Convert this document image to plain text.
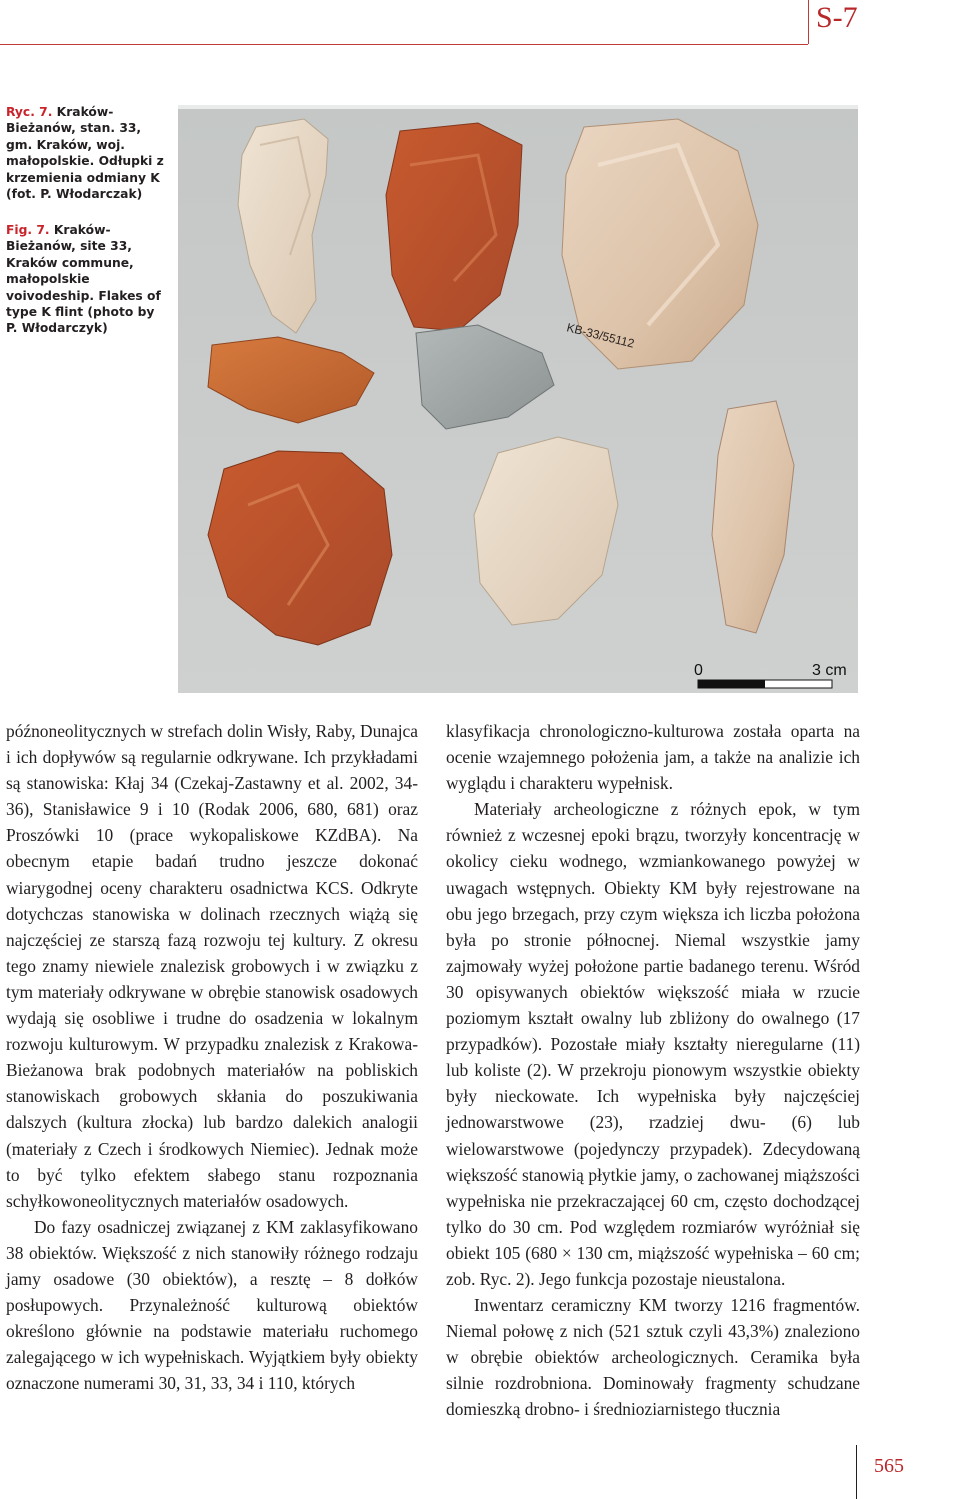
S-7
Ryc. 7. Kraków-Bieżanów, stan. 33, gm. Kraków, woj. małopolskie. Odłupki z krzemienia odmiany K (fot. P. Włodarczak)
Fig. 7. Kraków-Bieżanów, site 33, Kraków commune, małopolskie voivodeship. Flakes of type K flint (photo by P. Włodarczyk)	KB-33/55112
0	3 cm

późnoneolitycznych w strefach dolin Wisły, Raby, Dunajca i ich dopływów są regularnie odkrywane. Ich przykładami są stanowiska: Kłaj 34 (Czekaj-Zastawny et al. 2002, 34-36), Stanisławice 9 i 10 (Rodak 2006, 680, 681) oraz Proszówki 10 (prace wykopaliskowe KZdBA). Na obecnym etapie badań trudno jeszcze dokonać wiarygodnej oceny charakteru osadnictwa KCS. Odkryte dotychczas stanowiska w dolinach rzecznych wiążą się najczęściej ze starszą fazą rozwoju tej kultury. Z okresu tego znamy niewiele znalezisk grobowych i w związku z tym materiały odkrywane w obrębie stanowisk osadowych wydają się osobliwe i trudne do osadzenia w lokalnym rozwoju kulturowym. W przypadku znalezisk z Krakowa-Bieżanowa brak podobnych materiałów na pobliskich stanowiskach grobowych skłania do poszukiwania dalszych (kultura złocka) lub bardzo dalekich analogii (materiały z Czech i środkowych Niemiec). Jednak może to być tylko efektem słabego stanu rozpoznania schyłkowoneolitycznych materiałów osadowych.

Do fazy osadniczej związanej z KM zaklasyfikowano 38 obiektów. Większość z nich stanowiły różnego rodzaju jamy osadowe (30 obiektów), a resztę – 8 dołków posłupowych. Przynależność kulturową obiektów określono głównie na podstawie materiału ruchomego zalegającego w ich wypełniskach. Wyjątkiem były obiekty oznaczone numerami 30, 31, 33, 34 i 110, których

klasyfikacja chronologiczno-kulturowa została oparta na ocenie wzajemnego położenia jam, a także na analizie ich wyglądu i charakteru wypełnisk.

Materiały archeologiczne z różnych epok, w tym również z wczesnej epoki brązu, tworzyły koncentrację w okolicy cieku wodnego, wzmiankowanego powyżej w uwagach wstępnych. Obiekty KM były rejestrowane na obu jego brzegach, przy czym większa ich liczba położona była po stronie północnej. Niemal wszystkie jamy zajmowały wyżej położone partie badanego terenu. Wśród 30 opisywanych obiektów większość miała w rzucie poziomym kształt owalny lub zbliżony do owalnego (17 przypadków). Pozostałe miały kształty nieregularne (11) lub koliste (2). W przekroju pionowym wszystkie obiekty były nieckowate. Ich wypełniska były najczęściej jednowarstwowe (23), rzadziej dwu- (6) lub wielowarstwowe (pojedynczy przypadek). Zdecydowaną większość stanowią płytkie jamy, o zachowanej miąższości wypełniska nie przekraczającej 60 cm, często dochodzącej tylko do 30 cm. Pod względem rozmiarów wyróżniał się obiekt 105 (680 × 130 cm, miąższość wypełniska – 60 cm; zob. Ryc. 2). Jego funkcja pozostaje nieustalona.

Inwentarz ceramiczny KM tworzy 1216 fragmentów. Niemal połowę z nich (521 sztuk czyli 43,3%) znaleziono w obrębie obiektów archeologicznych. Ceramika była silnie rozdrobniona. Dominowały fragmenty schudzane domieszką drobno- i średnioziarnistego tłucznia

565
